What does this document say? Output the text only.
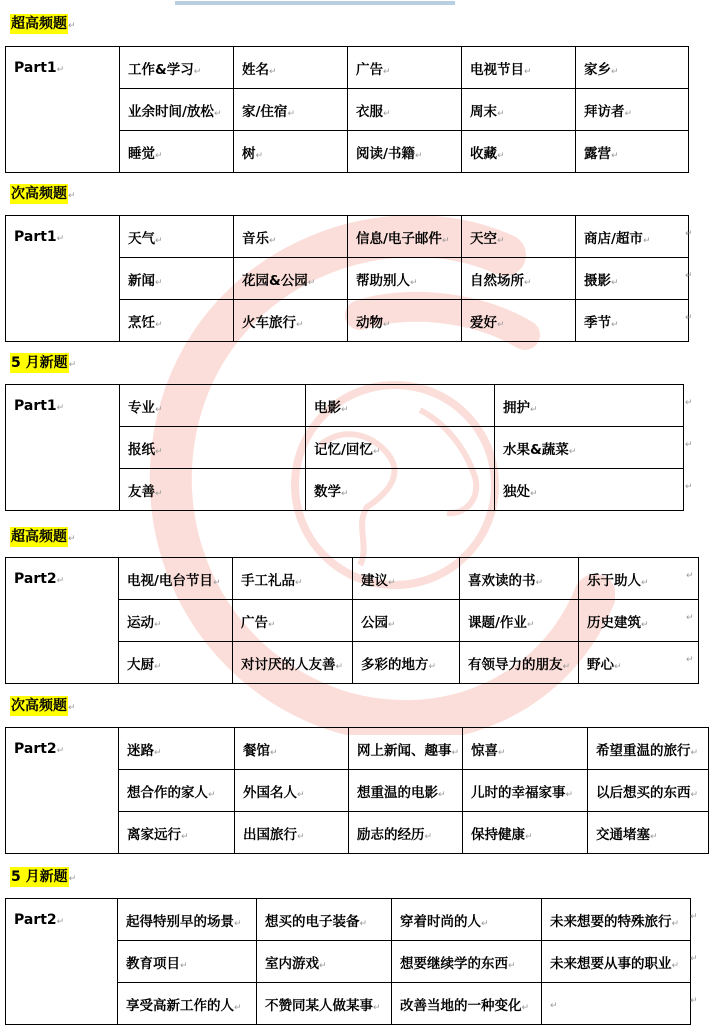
超高频题↵
Part1↵	工作&学习↵	姓名↵	广告↵	电视节目↵	家乡↵
	业余时间/放松↵	家/住宿↵	衣服↵	周末↵	拜访者↵
	睡觉↵	树↵	阅读/书籍↵	收藏↵	露营↵
次高频题↵
Part1↵	天气↵	音乐↵	信息/电子邮件↵	天空↵	商店/超市↵
	新闻↵	花园&公园↵	帮助别人↵	自然场所↵	摄影↵
	烹饪↵	火车旅行↵	动物↵	爱好↵	季节↵
↵
↵
↵
5 月新题↵
Part1↵	专业↵	电影↵	拥护↵
	报纸↵	记忆/回忆↵	水果&蔬菜↵
	友善↵	数学↵	独处↵
↵
↵
↵
超高频题↵
Part2↵	电视/电台节目↵	手工礼品↵	建议↵	喜欢读的书↵	乐于助人↵
	运动↵	广告↵	公园↵	课题/作业↵	历史建筑↵
	大厨↵	对讨厌的人友善↵	多彩的地方↵	有领导力的朋友↵	野心↵
↵
↵
↵
次高频题↵
Part2↵	迷路↵	餐馆↵	网上新闻、趣事↵	惊喜↵	希望重温的旅行↵
	想合作的家人↵	外国名人↵	想重温的电影↵	儿时的幸福家事↵	以后想买的东西↵
	离家远行↵	出国旅行↵	励志的经历↵	保持健康↵	交通堵塞↵
5 月新题↵
Part2↵	起得特别早的场景↵	想买的电子装备↵	穿着时尚的人↵	未来想要的特殊旅行↵
	教育项目↵	室内游戏↵	想要继续学的东西↵	未来想要从事的职业↵
	享受高新工作的人↵	不赞同某人做某事↵	改善当地的一种变化↵	↵
↵
↵
↵
